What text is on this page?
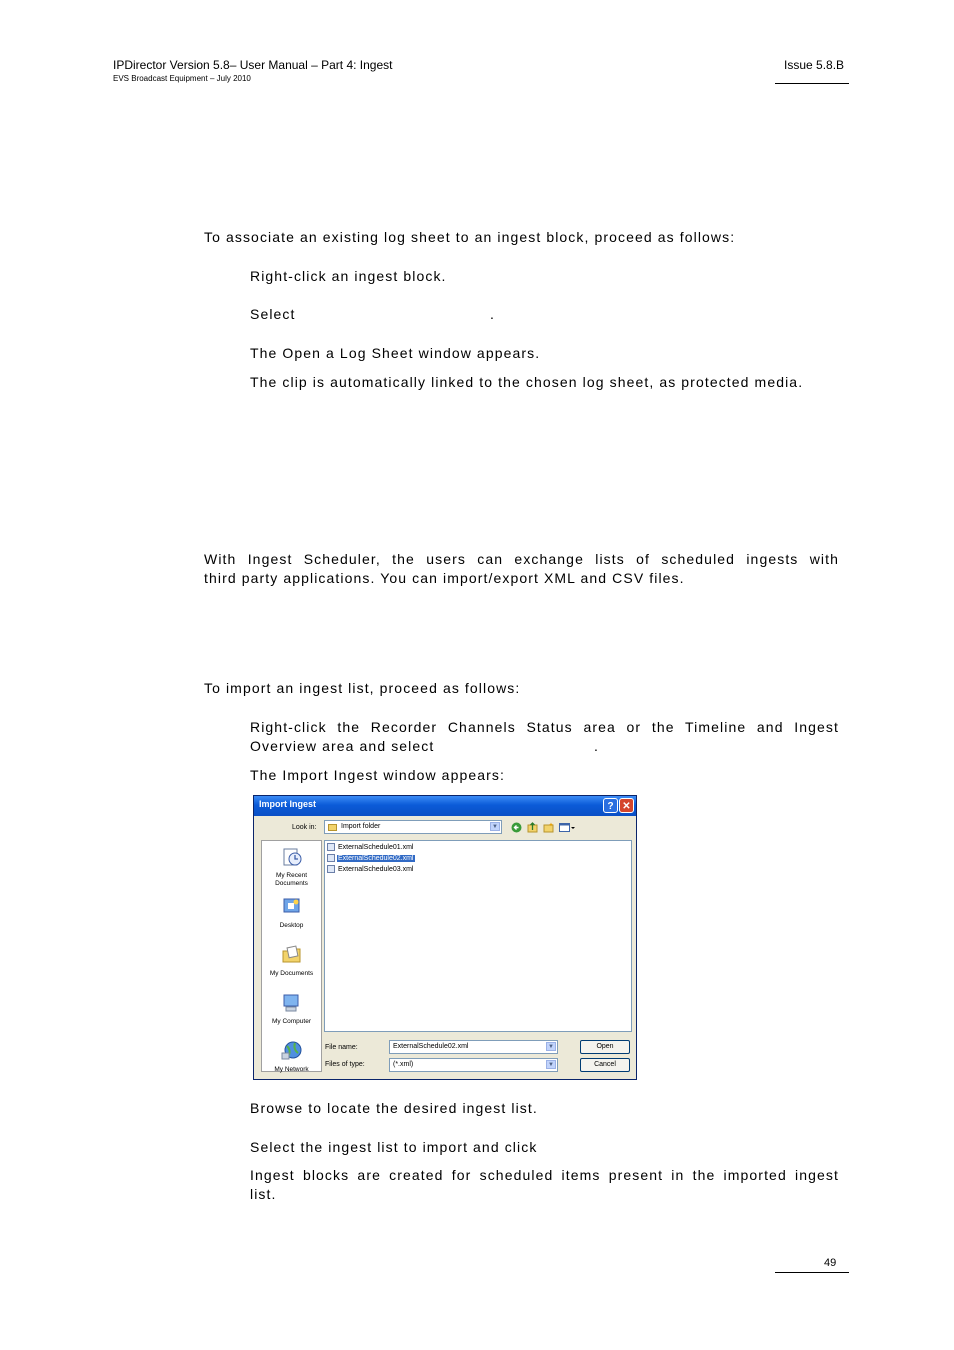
IPDirector Version 5.8– User Manual – Part 4: Ingest
EVS Broadcast Equipment – July 2010
Issue 5.8.B
To associate an existing log sheet to an ingest block, proceed as follows:
Right-click an ingest block.
Select	.
The Open a Log Sheet window appears.
The clip is automatically linked to the chosen log sheet, as protected media.
With Ingest Scheduler, the users can exchange lists of scheduled ingests with
third party applications. You can import/export XML and CSV files.
To import an ingest list, proceed as follows:
Right-click the Recorder Channels Status area or the Timeline and Ingest
Overview area and select	.
The Import Ingest window appears:
Import Ingest	? ✕
Look in:	Import folder	▼
My Recent Documents
Desktop
My Documents
My Computer
My Network
ExternalSchedule01.xml
ExternalSchedule02.xml
ExternalSchedule03.xml
File name:	ExternalSchedule02.xml	▼
Files of type:	(*.xml)	▼
Open
Cancel
Browse to locate the desired ingest list.
Select the ingest list to import and click
Ingest blocks are created for scheduled items present in the imported ingest
list.
49
